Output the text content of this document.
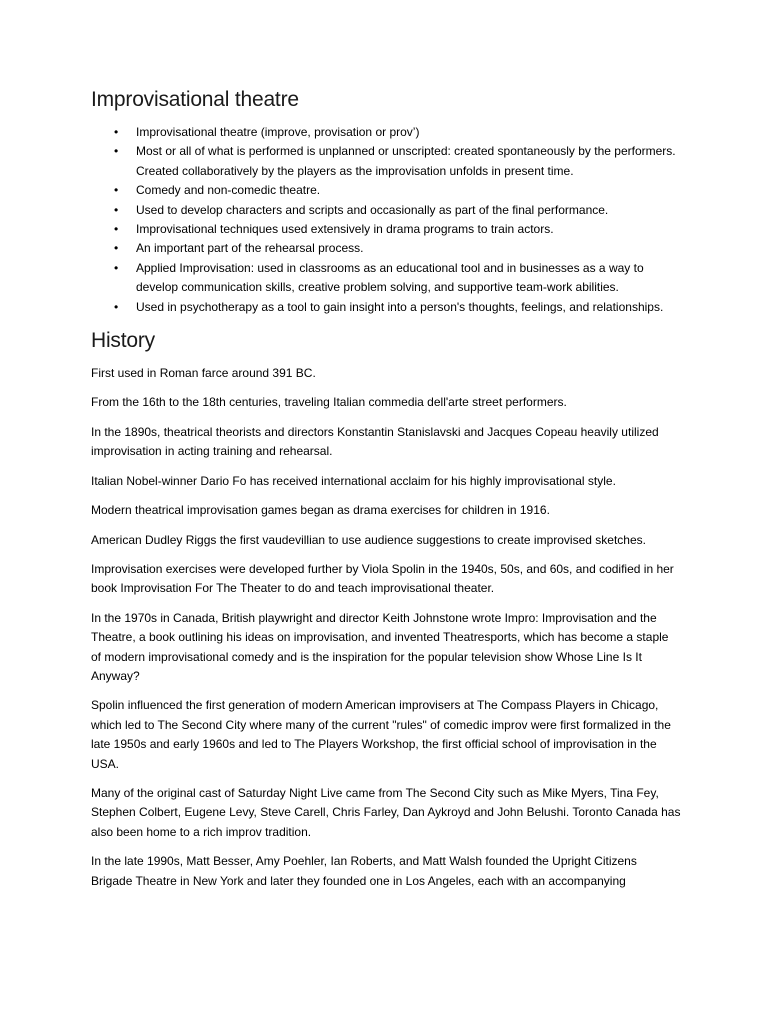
Improvisational theatre
• Improvisational theatre (improve, provisation or prov’)
• Most or all of what is performed is unplanned or unscripted: created spontaneously by the performers. Created collaboratively by the players as the improvisation unfolds in present time.
• Comedy and non-comedic theatre.
• Used to develop characters and scripts and occasionally as part of the final performance.
• Improvisational techniques used extensively in drama programs to train actors.
• An important part of the rehearsal process.
• Applied Improvisation: used in classrooms as an educational tool and in businesses as a way to develop communication skills, creative problem solving, and supportive team-work abilities.
• Used in psychotherapy as a tool to gain insight into a person's thoughts, feelings, and relationships.
History

First used in Roman farce around 391 BC.

From the 16th to the 18th centuries, traveling Italian commedia dell'arte street performers.

In the 1890s, theatrical theorists and directors Konstantin Stanislavski and Jacques Copeau heavily utilized improvisation in acting training and rehearsal.

Italian Nobel-winner Dario Fo has received international acclaim for his highly improvisational style.

Modern theatrical improvisation games began as drama exercises for children in 1916.

American Dudley Riggs the first vaudevillian to use audience suggestions to create improvised sketches.

Improvisation exercises were developed further by Viola Spolin in the 1940s, 50s, and 60s, and codified in her book Improvisation For The Theater to do and teach improvisational theater.

In the 1970s in Canada, British playwright and director Keith Johnstone wrote Impro: Improvisation and the Theatre, a book outlining his ideas on improvisation, and invented Theatresports, which has become a staple of modern improvisational comedy and is the inspiration for the popular television show Whose Line Is It Anyway?

Spolin influenced the first generation of modern American improvisers at The Compass Players in Chicago, which led to The Second City where many of the current "rules" of comedic improv were first formalized in the late 1950s and early 1960s and led to The Players Workshop, the first official school of improvisation in the USA.

Many of the original cast of Saturday Night Live came from The Second City such as Mike Myers, Tina Fey, Stephen Colbert, Eugene Levy, Steve Carell, Chris Farley, Dan Aykroyd and John Belushi. Toronto Canada has also been home to a rich improv tradition.

In the late 1990s, Matt Besser, Amy Poehler, Ian Roberts, and Matt Walsh founded the Upright Citizens Brigade Theatre in New York and later they founded one in Los Angeles, each with an accompanying
